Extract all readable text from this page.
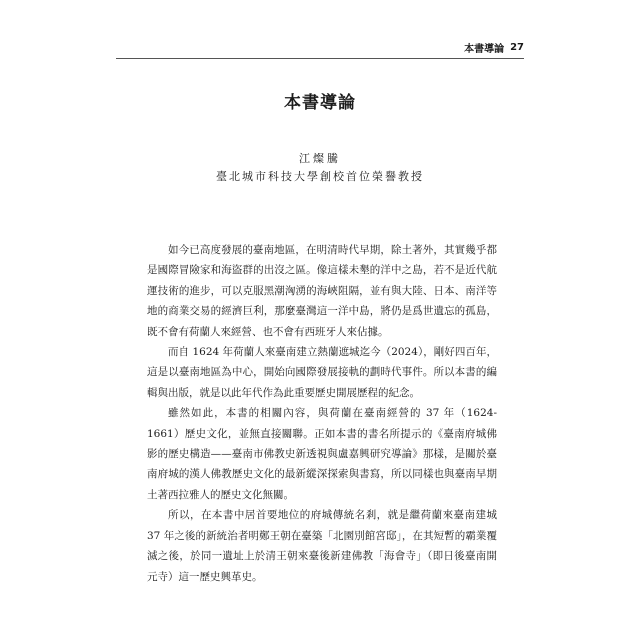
本書導論 27
本書導論
江燦騰
臺北城市科技大學創校首位榮譽教授

如今已高度發展的臺南地區，在明清時代早期，除土著外，其實幾乎都是國際冒險家和海盜群的出沒之區。像這樣未墾的洋中之島，若不是近代航運技術的進步，可以克服黑潮洶湧的海峽阻隔，並有與大陸、日本、南洋等地的商業交易的經濟巨利，那麼臺灣這一洋中島，將仍是爲世遺忘的孤島，既不會有荷蘭人來經營、也不會有西班牙人來佔據。

而自 1624 年荷蘭人來臺南建立熱蘭遮城迄今（2024），剛好四百年，這是以臺南地區為中心，開始向國際發展接軌的劃時代事件。所以本書的編輯與出版，就是以此年代作為此重要歷史開展歷程的紀念。

雖然如此，本書的相關內容，與荷蘭在臺南經營的 37 年（1624-1661）歷史文化，並無直接關聯。正如本書的書名所提示的《臺南府城佛影的歷史構造——臺南市佛教史新透視與盧嘉興研究導論》那樣，是關於臺南府城的漢人佛教歷史文化的最新縱深探索與書寫，所以同樣也與臺南早期土著西拉雅人的歷史文化無關。

所以，在本書中居首要地位的府城傳統名剎，就是繼荷蘭來臺南建城 37 年之後的新統治者明鄭王朝在臺築「北園別館宮邸」，在其短暫的霸業覆滅之後，於同一遺址上於清王朝來臺後新建佛教「海會寺」（即日後臺南開元寺）這一歷史興革史。
